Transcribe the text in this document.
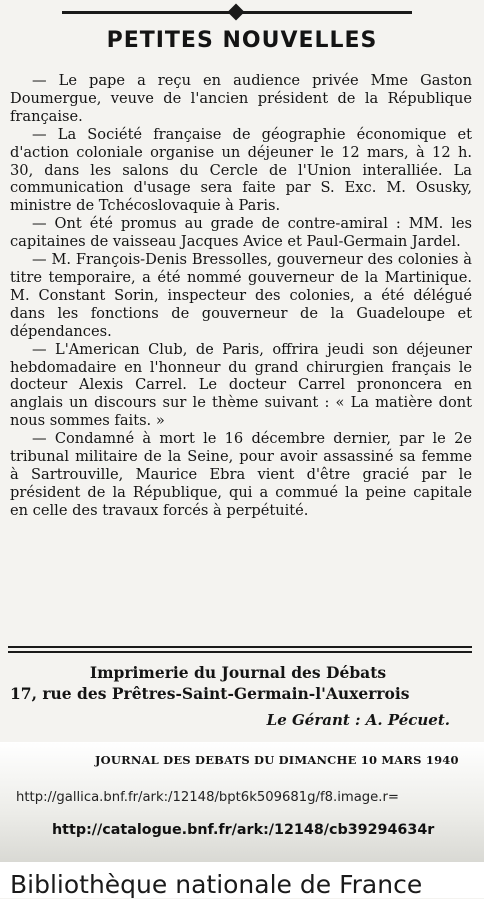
PETITES NOUVELLES

— Le pape a reçu en audience privée Mme Gaston Doumergue, veuve de l'ancien président de la République française.

— La Société française de géographie économique et d'action coloniale organise un déjeuner le 12 mars, à 12 h. 30, dans les salons du Cercle de l'Union interalliée. La communication d'usage sera faite par S. Exc. M. Osusky, ministre de Tchécoslovaquie à Paris.

— Ont été promus au grade de contre-amiral : MM. les capitaines de vaisseau Jacques Avice et Paul-Germain Jardel.

— M. François-Denis Bressolles, gouverneur des colonies à titre temporaire, a été nommé gouverneur de la Martinique. M. Constant Sorin, inspecteur des colonies, a été délégué dans les fonctions de gouverneur de la Guadeloupe et dépendances.

— L'American Club, de Paris, offrira jeudi son déjeuner hebdomadaire en l'honneur du grand chirurgien français le docteur Alexis Carrel. Le docteur Carrel prononcera en anglais un discours sur le thème suivant : « La matière dont nous sommes faits. »

— Condamné à mort le 16 décembre dernier, par le 2e tribunal militaire de la Seine, pour avoir assassiné sa femme à Sartrouville, Maurice Ebra vient d'être gracié par le président de la République, qui a commué la peine capitale en celle des travaux forcés à perpétuité.

Imprimerie du Journal des Débats
17, rue des Prêtres-Saint-Germain-l'Auxerrois
Le Gérant : A. Pécuet.
JOURNAL DES DEBATS DU DIMANCHE 10 MARS 1940
http://gallica.bnf.fr/ark:/12148/bpt6k509681g/f8.image.r=
http://catalogue.bnf.fr/ark:/12148/cb39294634r
Bibliothèque nationale de France
